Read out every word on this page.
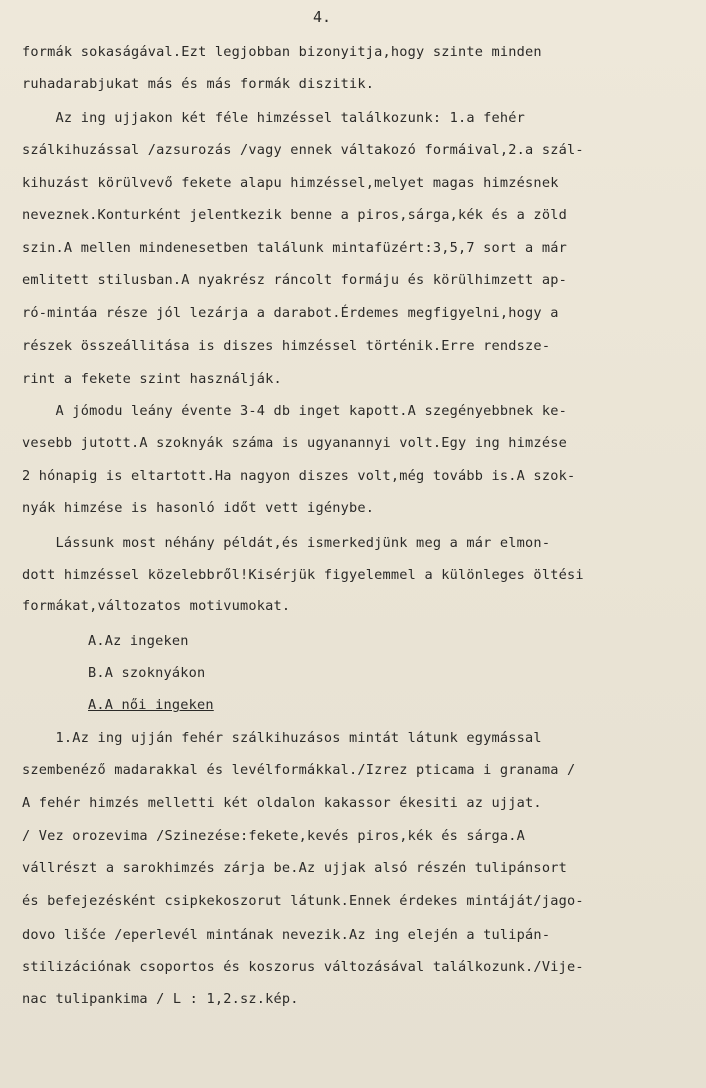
4.
formák sokaságával.Ezt legjobban bizonyitja,hogy szinte minden
ruhadarabjukat más és más formák diszitik.
Az ing ujjakon két féle himzéssel találkozunk: 1.a fehér
szálkihuzással /azsurozás /vagy ennek váltakozó formáival,2.a szál-
kihuzást körülvevő fekete alapu himzéssel,melyet magas himzésnek
neveznek.Konturként jelentkezik benne a piros,sárga,kék és a zöld
szin.A mellen mindenesetben találunk mintafüzért:3,5,7 sort a már
emlitett stilusban.A nyakrész ráncolt formáju és körülhimzett ap-
ró-mintáa része jól lezárja a darabot.Érdemes megfigyelni,hogy a
részek összeállitása is diszes himzéssel történik.Erre rendsze-
rint a fekete szint használják.
A jómodu leány évente 3-4 db inget kapott.A szegényebbnek ke-
vesebb jutott.A szoknyák száma is ugyanannyi volt.Egy ing himzése
2 hónapig is eltartott.Ha nagyon diszes volt,még tovább is.A szok-
nyák himzése is hasonló időt vett igénybe.
Lássunk most néhány példát,és ismerkedjünk meg a már elmon-
dott himzéssel közelebbről!Kisérjük figyelemmel a különleges öltési
formákat,változatos motivumokat.
A.Az ingeken
B.A szoknyákon
A.A női ingeken
1.Az ing ujján fehér szálkihuzásos mintát látunk egymással
szembenéző madarakkal és levélformákkal./Izrez pticama i granama /
A fehér himzés melletti két oldalon kakassor ékesiti az ujjat.
/ Vez orozevima /Szinezése:fekete,kevés piros,kék és sárga.A
vállrészt a sarokhimzés zárja be.Az ujjak alsó részén tulipánsort
és befejezésként csipkekoszorut látunk.Ennek érdekes mintáját/jago-
dovo lišće /eperlevél mintának nevezik.Az ing elején a tulipán-
stilizációnak csoportos és koszorus változásával találkozunk./Vije-
nac tulipankima / L : 1,2.sz.kép.
